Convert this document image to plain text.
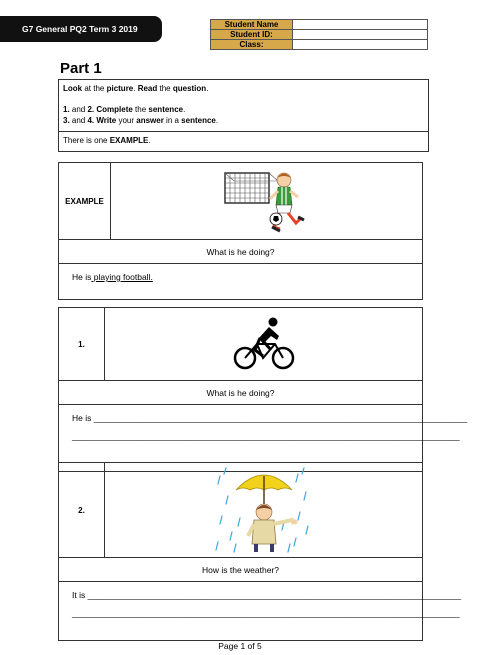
G7 General PQ2 Term 3 2019	Student Name	
Student ID:	
Class:	
Part 1
Look at the picture. Read the question.
1. and 2. Complete the sentence.
3. and 4. Write your answer in a sentence.
There is one EXAMPLE.
EXAMPLE
What is he doing?
He is playing football.
1.
What is he doing?
He is _______________________________________________________________________________
__________________________________________________________________________________
2.
How is the weather?
It is _______________________________________________________________________________
__________________________________________________________________________________
Page 1 of 5
